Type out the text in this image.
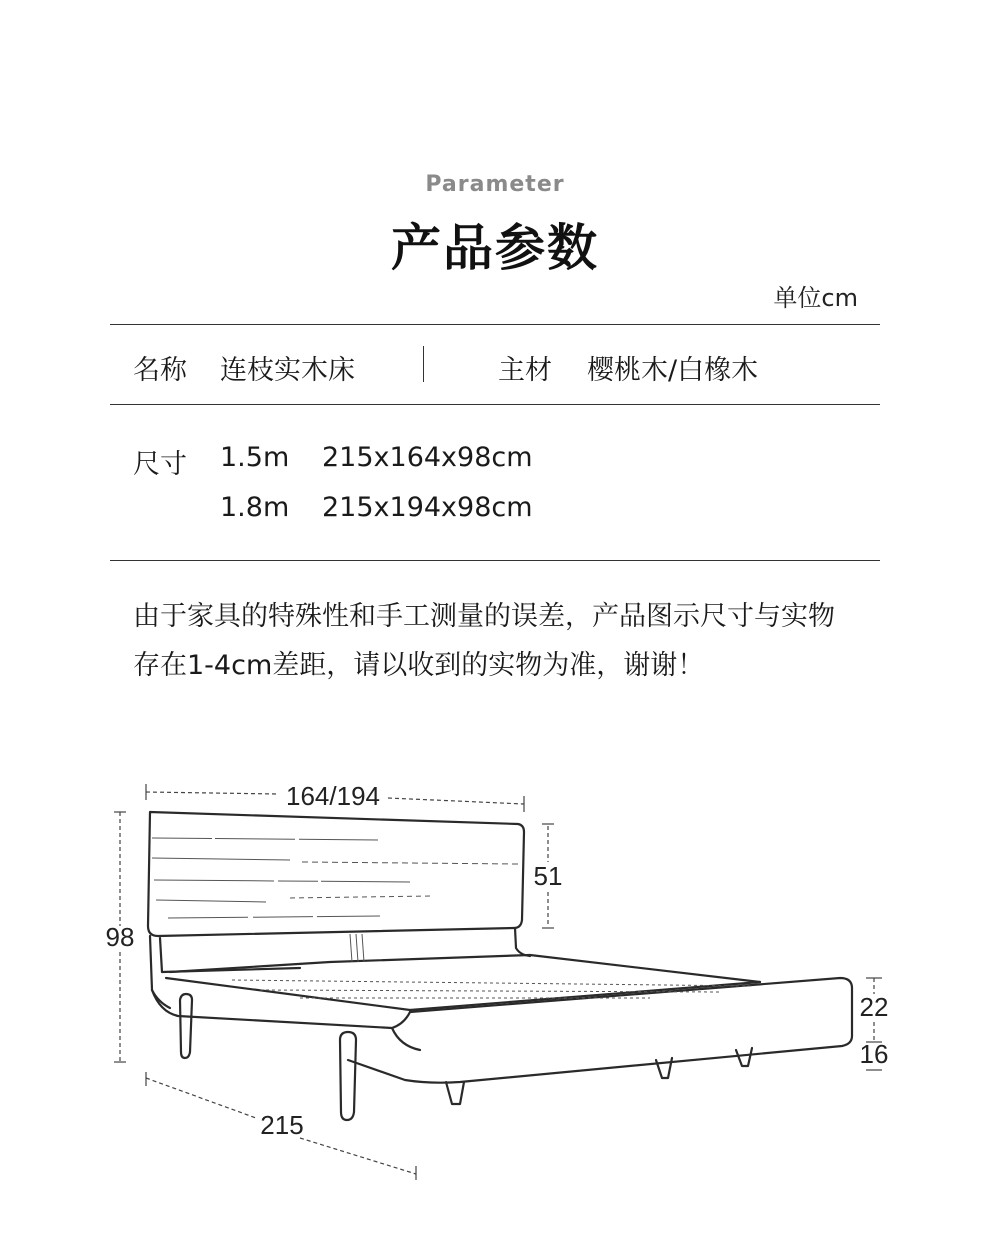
Parameter
产品参数
单位cm
名称 连枝实木床	主材 樱桃木/白橡木
尺寸 1.5m 215x164x98cm
1.8m 215x194x98cm
由于家具的特殊性和手工测量的误差，产品图示尺寸与实物
存在1-4cm差距，请以收到的实物为准，谢谢！
164/194
98
51
22
16
215
